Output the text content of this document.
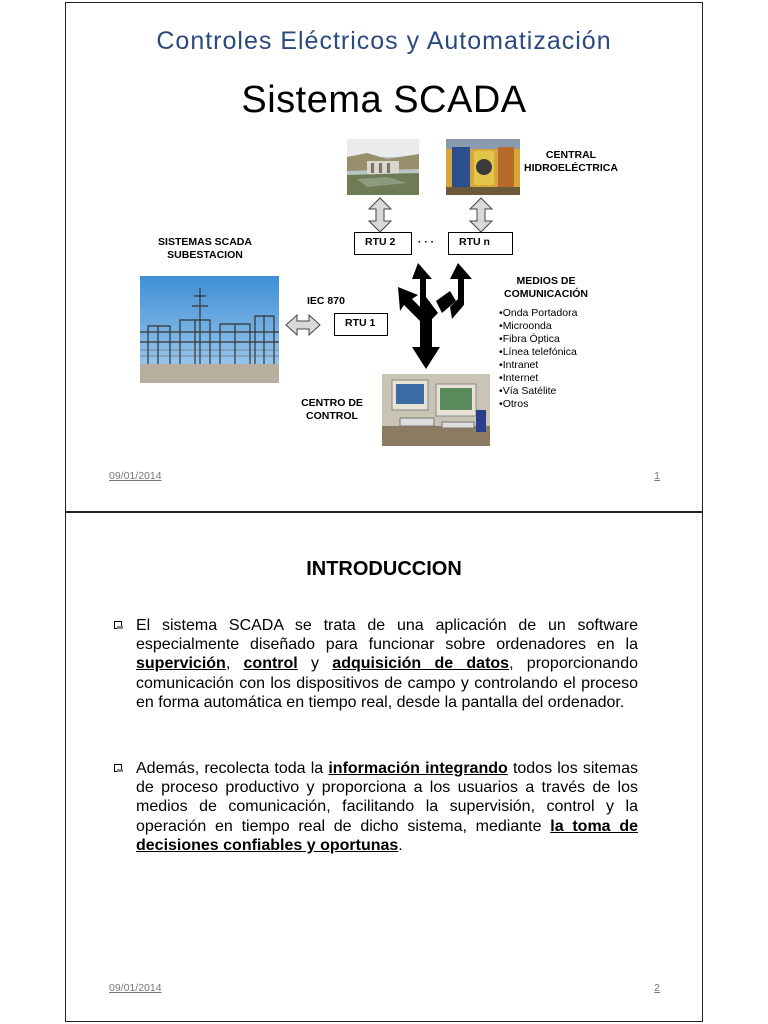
Controles Eléctricos y Automatización
Sistema SCADA
CENTRAL
HIDROELÉCTRICA
SISTEMAS SCADA
SUBESTACION
RTU 2	· · ·	RTU n
MEDIOS DE
COMUNICACIÓN
IEC 870
RTU 1
• Onda Portadora
• Microonda
• Fibra Óptica
• Línea telefónica
• Intranet
• Internet
• Vía Satélite
• Otros
CENTRO DE
CONTROL
09/01/2014	1
INTRODUCCION
El sistema SCADA se trata de una aplicación de un software especialmente diseñado para funcionar sobre ordenadores en la supervición, control y adquisición de datos, proporcionando comunicación con los dispositivos de campo y controlando el proceso en forma automática en tiempo real, desde la pantalla del ordenador.
Además, recolecta toda la información integrando todos los sitemas de proceso productivo y proporciona a los usuarios a través de los medios de comunicación, facilitando la supervisión, control y la operación en tiempo real de dicho sistema, mediante la toma de decisiones confiables y oportunas.
09/01/2014	2
